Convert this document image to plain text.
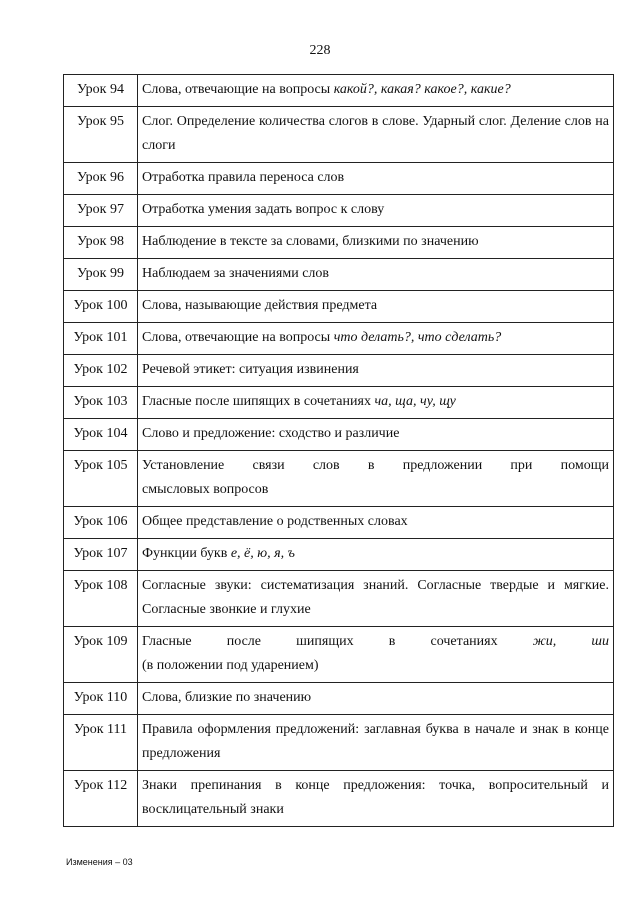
228
Урок 94	Слова, отвечающие на вопросы какой?, какая? какое?, какие?
Урок 95	Слог. Определение количества слогов в слове. Ударный слог. Деление слов на слоги
Урок 96	Отработка правила переноса слов
Урок 97	Отработка умения задать вопрос к слову
Урок 98	Наблюдение в тексте за словами, близкими по значению
Урок 99	Наблюдаем за значениями слов
Урок 100	Слова, называющие действия предмета
Урок 101	Слова, отвечающие на вопросы что делать?, что сделать?
Урок 102	Речевой этикет: ситуация извинения
Урок 103	Гласные после шипящих в сочетаниях ча, ща, чу, щу
Урок 104	Слово и предложение: сходство и различие
Урок 105	Установление связи слов в предложении при помощи
смысловых вопросов

Урок 106	Общее представление о родственных словах
Урок 107	Функции букв е, ё, ю, я, ъ
Урок 108	Согласные звуки: систематизация знаний. Согласные твердые и мягкие. Согласные звонкие и глухие
Урок 109	Гласные после шипящих в сочетаниях жи, ши
(в положении под ударением)

Урок 110	Слова, близкие по значению
Урок 111	Правила оформления предложений: заглавная буква в начале и знак в конце предложения
Урок 112	Знаки препинания в конце предложения: точка, вопросительный и восклицательный знаки
Изменения – 03
